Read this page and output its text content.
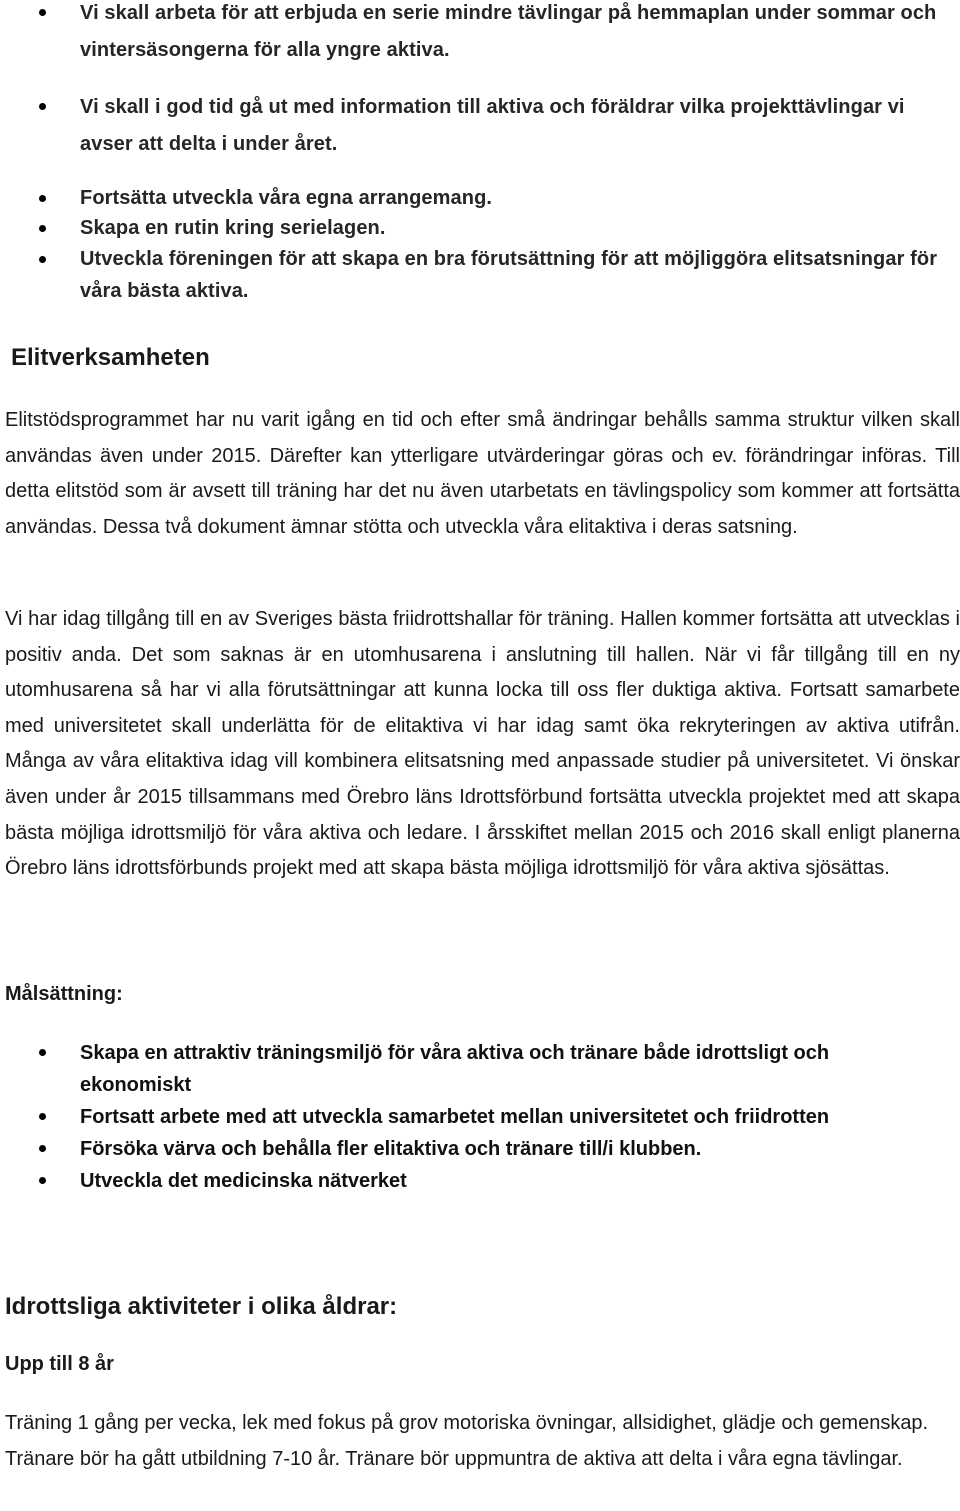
Vi skall arbeta för att erbjuda en serie mindre tävlingar på hemmaplan under sommar och vintersäsongerna för alla yngre aktiva.
Vi skall i god tid gå ut med information till aktiva och föräldrar vilka projekttävlingar vi avser att delta i under året.
Fortsätta utveckla våra egna arrangemang.
Skapa en rutin kring serielagen.
Utveckla föreningen för att skapa en bra förutsättning för att möjliggöra elitsatsningar för våra bästa aktiva.
Elitverksamheten

Elitstödsprogrammet har nu varit igång en tid och efter små ändringar behålls samma struktur vilken skall användas även under 2015. Därefter kan ytterligare utvärderingar göras och ev. förändringar införas. Till detta elitstöd som är avsett till träning har det nu även utarbetats en tävlingspolicy som kommer att fortsätta användas. Dessa två dokument ämnar stötta och utveckla våra elitaktiva i deras satsning.

Vi har idag tillgång till en av Sveriges bästa friidrottshallar för träning. Hallen kommer fortsätta att utvecklas i positiv anda. Det som saknas är en utomhusarena i anslutning till hallen. När vi får tillgång till en ny utomhusarena så har vi alla förutsättningar att kunna locka till oss fler duktiga aktiva. Fortsatt samarbete med universitetet skall underlätta för de elitaktiva vi har idag samt öka rekryteringen av aktiva utifrån. Många av våra elitaktiva idag vill kombinera elitsatsning med anpassade studier på universitetet. Vi önskar även under år 2015 tillsammans med Örebro läns Idrottsförbund fortsätta utveckla projektet med att skapa bästa möjliga idrottsmiljö för våra aktiva och ledare. I årsskiftet mellan 2015 och 2016 skall enligt planerna Örebro läns idrottsförbunds projekt med att skapa bästa möjliga idrottsmiljö för våra aktiva sjösättas.

Målsättning:
Skapa en attraktiv träningsmiljö för våra aktiva och tränare både idrottsligt och ekonomiskt
Fortsatt arbete med att utveckla samarbetet mellan universitetet och friidrotten
Försöka värva och behålla fler elitaktiva och tränare till/i klubben.
Utveckla det medicinska nätverket
Idrottsliga aktiviteter i olika åldrar:
Upp till 8 år

Träning 1 gång per vecka, lek med fokus på grov motoriska övningar, allsidighet, glädje och gemenskap. Tränare bör ha gått utbildning 7-10 år. Tränare bör uppmuntra de aktiva att delta i våra egna tävlingar.
